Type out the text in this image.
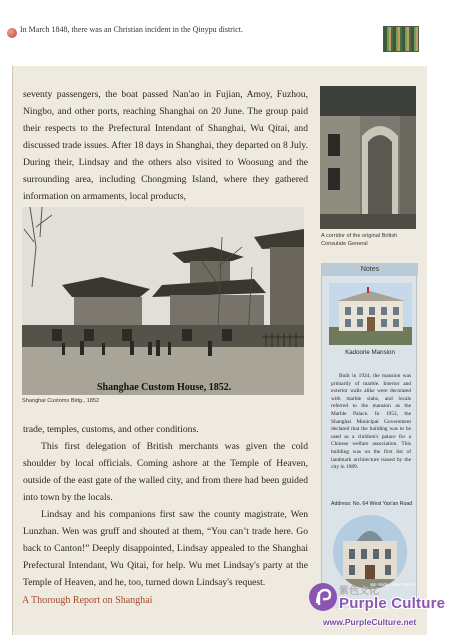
In March 1848, there was an Christian incident in the Qinypu district.

seventy passengers, the boat passed Nan'ao in Fujian, Amoy, Fuzhou, Ningbo, and other ports, reaching Shanghai on 20 June. The group paid their respects to the Prefectural Intendant of Shanghai, Wu Qitai, and discussed trade issues. After 18 days in Shanghai, they departed on 8 July. During their, Lindsay and the others also visited to Woosung and the surrounding area, including Chongming Island, where they gathered information on armaments, local products,

Shanghae Custom House, 1852.
Shanghai Customs Bldg., 1852

trade, temples, customs, and other conditions.

This first delegation of British merchants was given the cold shoulder by local officials. Coming ashore at the Temple of Heaven, outside of the east gate of the walled city, and from there had been guided into town by the locals.

Lindsay and his companions first saw the county magistrate, Wen Lunzhan. Wen was gruff and shouted at them, “You can’t trade here. Go back to Canton!” Deeply disappointed, Lindsay appealed to the Shanghai Prefectural Intendant, Wu Qitai, for help. Wu met Lindsay's party at the Temple of Heaven, and he, too, turned down Lindsay's request.

A corridor of the original British Consulate General
Notes
Kadoorie Mansion
Built in 1924, the mansion was primarily of marble. Interior and exterior walls alike were decorated with marble slabs, and locals referred to the mansion as the Marble Palace. In 1953, the Shanghai Municipal Government declared that the building was to be used as a children's palace for a Chinese welfare association. This building was on the first list of landmark architecture issued by the city in 1989.
Address: No. 64 West Yan'an Road
A Thorough Report on Shanghai
紫色文化
We Widen Your Reach
Purple Culture
www.PurpleCulture.net
